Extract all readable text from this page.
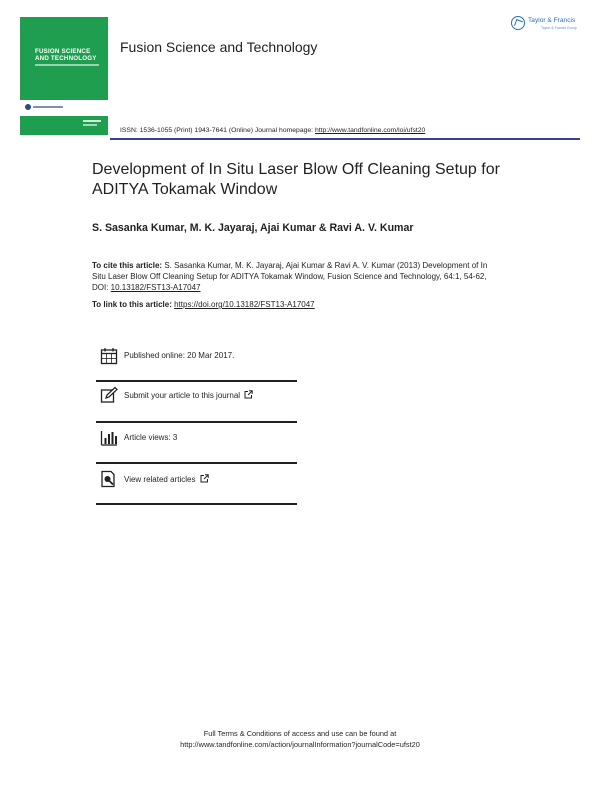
FUSION SCIENCE
AND TECHNOLOGY
Fusion Science and Technology
Taylor & Francis
Taylor & Francis Group
ISSN: 1536-1055 (Print) 1943-7641 (Online) Journal homepage: http://www.tandfonline.com/loi/ufst20
Development of In Situ Laser Blow Off Cleaning Setup for ADITYA Tokamak Window
S. Sasanka Kumar, M. K. Jayaraj, Ajai Kumar & Ravi A. V. Kumar
To cite this article: S. Sasanka Kumar, M. K. Jayaraj, Ajai Kumar & Ravi A. V. Kumar (2013) Development of In Situ Laser Blow Off Cleaning Setup for ADITYA Tokamak Window, Fusion Science and Technology, 64:1, 54-62, DOI: 10.13182/FST13-A17047
To link to this article: https://doi.org/10.13182/FST13-A17047
Published online: 20 Mar 2017.
Submit your article to this journal
Article views: 3
View related articles
Full Terms & Conditions of access and use can be found at
http://www.tandfonline.com/action/journalInformation?journalCode=ufst20
